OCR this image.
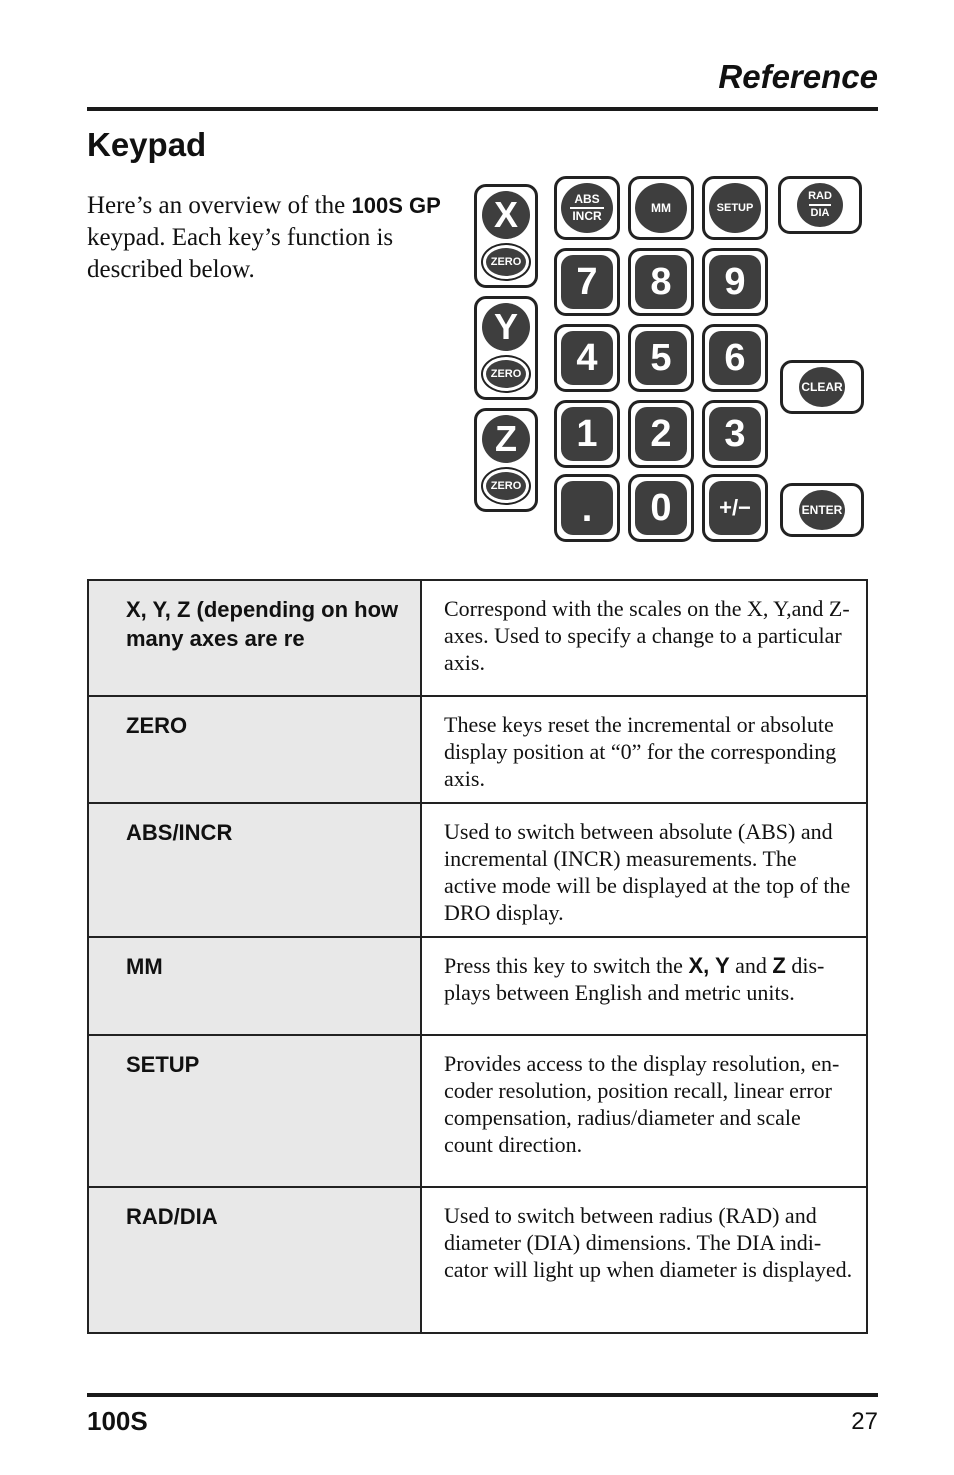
Reference
Keypad
Here’s an overview of the 100S GP keypad. Each key’s function is described below.
X
ZERO
Y
ZERO
Z
ZERO
ABS
INCR
MM	SETUP
RAD
DIA
7	8	9
4	5	6
1	2	3
.	0	+/−
CLEAR
ENTER
X, Y, Z (depending on how many axes are re	Correspond with the scales on the X, Y,and Z-axes. Used to specify a change to a particular axis.
ZERO	These keys reset the incremental or absolute display position at “0” for the corresponding axis.
ABS/INCR	Used to switch between absolute (ABS) and incremental (INCR) measurements. The active mode will be displayed at the top of the DRO display.
MM	Press this key to switch the X, Y and Z displays between English and metric units.
SETUP	Provides access to the display resolution, encoder resolution, position recall, linear error compensation, radius/diameter and scale count direction.
RAD/DIA	Used to switch between radius (RAD) and diameter (DIA) dimensions. The DIA indicator will light up when diameter is displayed.
100S	27
